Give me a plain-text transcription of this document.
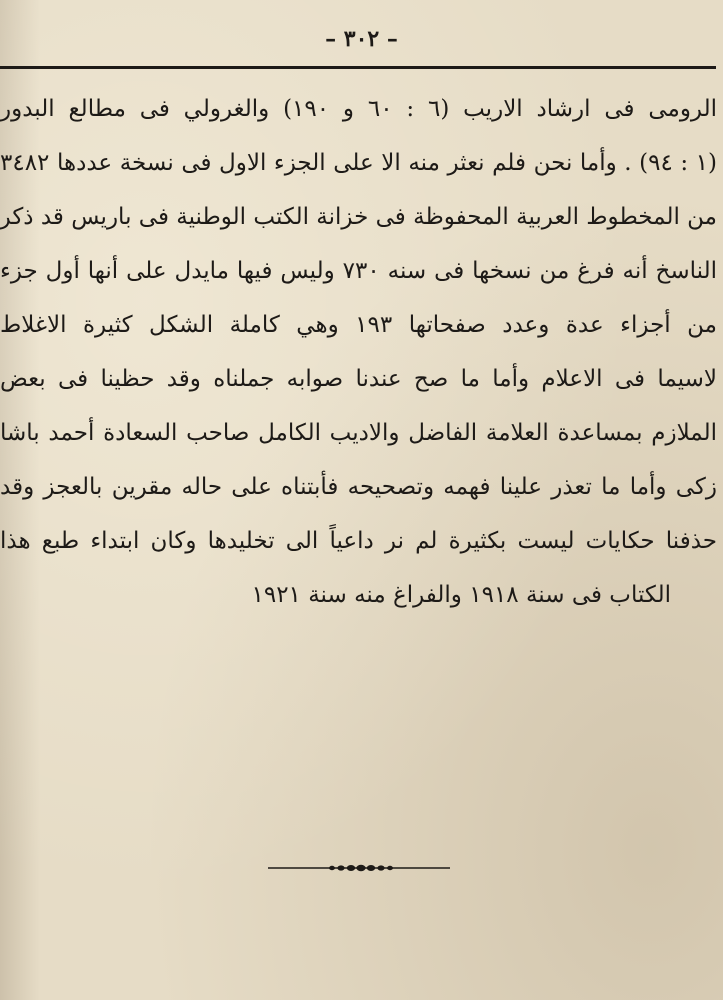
– ٣٠٢ –
الرومى فى ارشاد الاريب (٦ : ٦٠ و ١٩٠) والغرولي فى مطالع البدور
(١ : ٩٤) . وأما نحن فلم نعثر منه الا على الجزء الاول فى نسخة عددها ٣٤٨٢
من المخطوط العربية المحفوظة فى خزانة الكتب الوطنية فى باريس قد ذكر
الناسخ أنه فرغ من نسخها فى سنه ٧٣٠ وليس فيها مايدل على أنها أول جزء
من أجزاء عدة وعدد صفحاتها ١٩٣ وهي كاملة الشكل كثيرة الاغلاط
لاسيما فى الاعلام وأما ما صح عندنا صوابه جملناه وقد حظينا فى بعض
الملازم بمساعدة العلامة الفاضل والاديب الكامل صاحب السعادة أحمد باشا
زكى وأما ما تعذر علينا فهمه وتصحيحه فأبتناه على حاله مقرين بالعجز وقد
حذفنا حكايات ليست بكثيرة لم نر داعياً الى تخليدها وكان ابتداء طبع هذا
الكتاب فى سنة ١٩١٨ والفراغ منه سنة ١٩٢١
